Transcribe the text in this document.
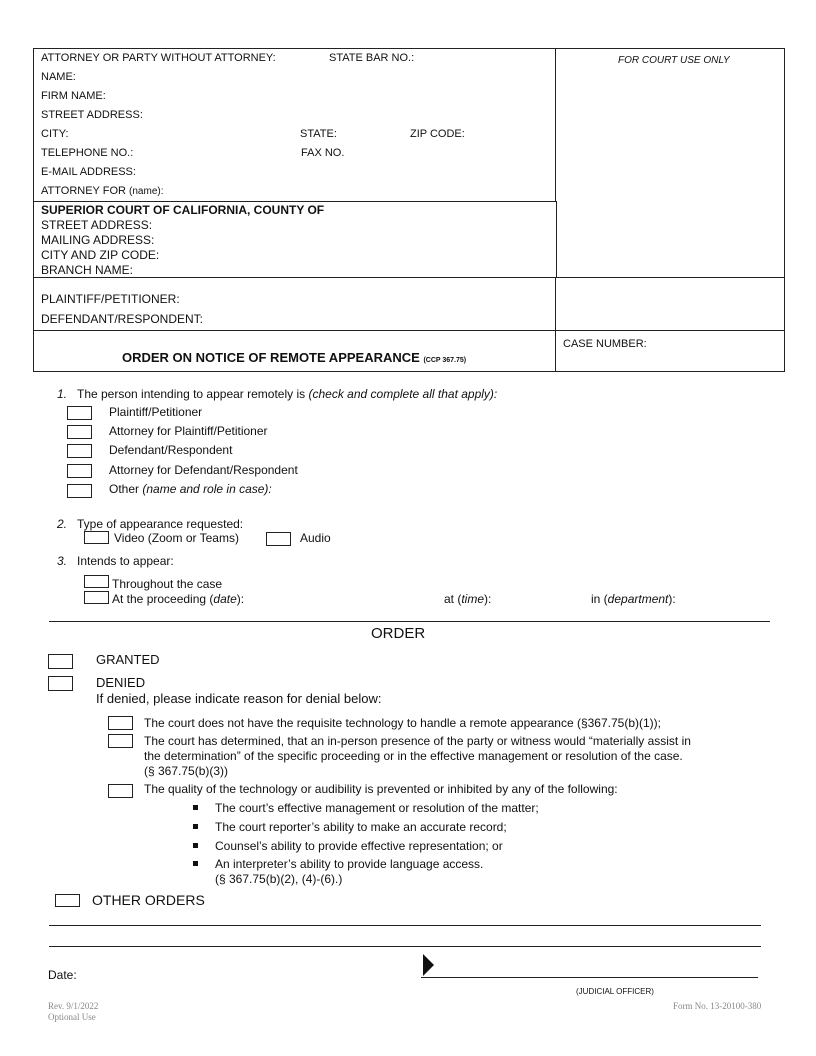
ATTORNEY OR PARTY WITHOUT ATTORNEY:	STATE BAR NO.:
NAME:
FIRM NAME:
STREET ADDRESS:
CITY:	STATE:	ZIP CODE:
TELEPHONE NO.:	FAX NO.
E-MAIL ADDRESS:
ATTORNEY FOR (name):
FOR COURT USE ONLY
SUPERIOR COURT OF CALIFORNIA, COUNTY OF
STREET ADDRESS:
MAILING ADDRESS:
CITY AND ZIP CODE:
BRANCH NAME:
PLAINTIFF/PETITIONER:
DEFENDANT/RESPONDENT:
ORDER ON NOTICE OF REMOTE APPEARANCE (CCP 367.75)
CASE NUMBER:
1. The person intending to appear remotely is (check and complete all that apply):
Plaintiff/Petitioner
Attorney for Plaintiff/Petitioner
Defendant/Respondent
Attorney for Defendant/Respondent
Other (name and role in case):
2. Type of appearance requested:
Video (Zoom or Teams)	Audio
3. Intends to appear:
Throughout the case
At the proceeding (date):	at (time):	in (department):
ORDER
GRANTED
DENIED
If denied, please indicate reason for denial below:
The court does not have the requisite technology to handle a remote appearance (§367.75(b)(1));
The court has determined, that an in-person presence of the party or witness would “materially assist in
the determination” of the specific proceeding or in the effective management or resolution of the case.
(§ 367.75(b)(3))
The quality of the technology or audibility is prevented or inhibited by any of the following:
The court’s effective management or resolution of the matter;
The court reporter’s ability to make an accurate record;
Counsel’s ability to provide effective representation; or
An interpreter’s ability to provide language access.
(§ 367.75(b)(2), (4)-(6).)
OTHER ORDERS
Date:
(JUDICIAL OFFICER)
Rev. 9/1/2022
Optional Use
Form No. 13-20100-380
